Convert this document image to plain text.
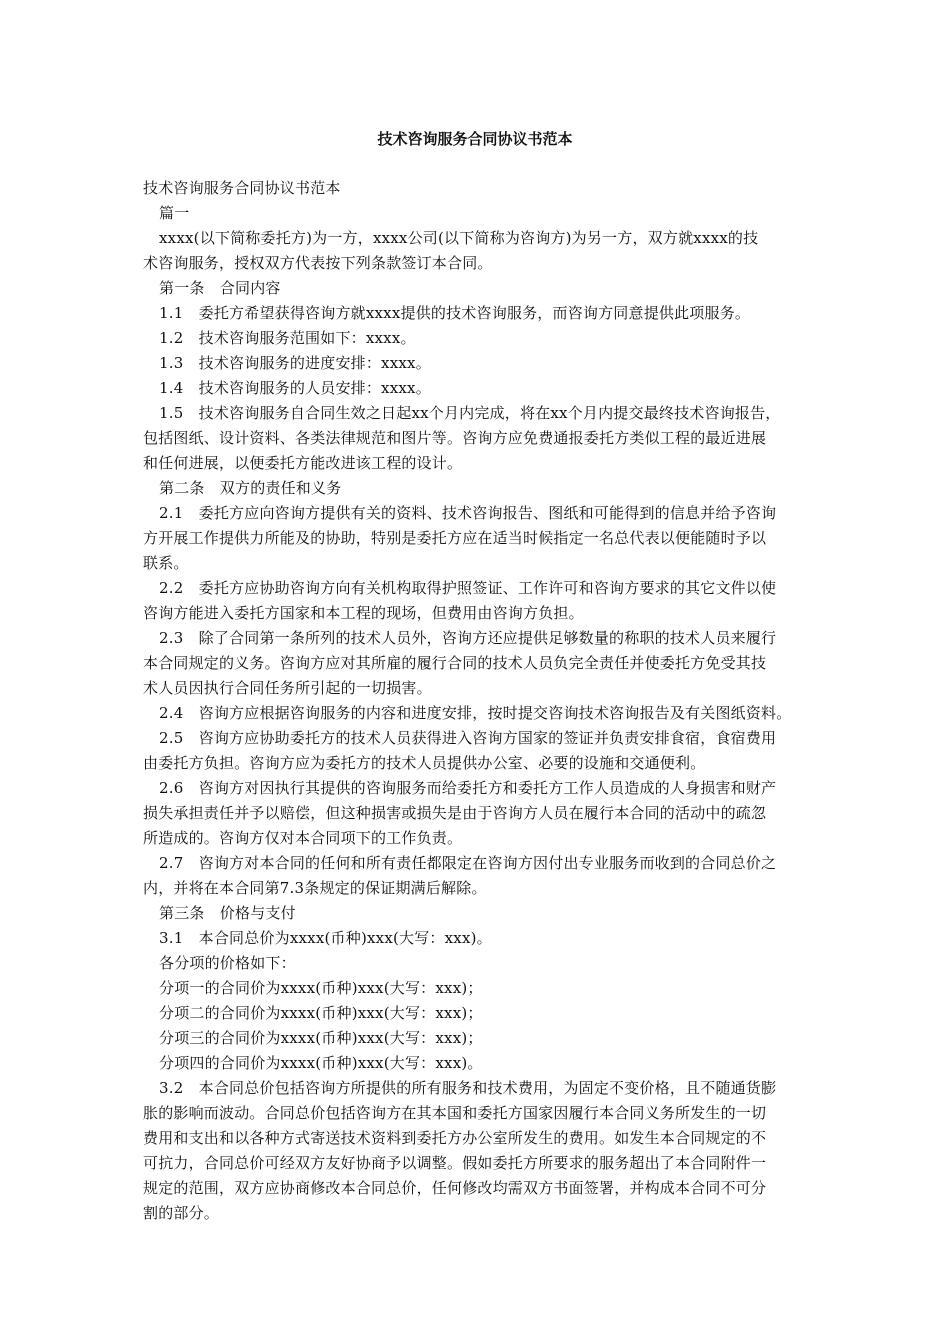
技术咨询服务合同协议书范本

技术咨询服务合同协议书范本

篇一

xxxx(以下简称委托方)为一方，xxxx公司(以下简称为咨询方)为另一方，双方就xxxx的技

术咨询服务，授权双方代表按下列条款签订本合同。

第一条　合同内容

1.1　委托方希望获得咨询方就xxxx提供的技术咨询服务，而咨询方同意提供此项服务。

1.2　技术咨询服务范围如下：xxxx。

1.3　技术咨询服务的进度安排：xxxx。

1.4　技术咨询服务的人员安排：xxxx。

1.5　技术咨询服务自合同生效之日起xx个月内完成，将在xx个月内提交最终技术咨询报告，

包括图纸、设计资料、各类法律规范和图片等。咨询方应免费通报委托方类似工程的最近进展

和任何进展，以便委托方能改进该工程的设计。

第二条　双方的责任和义务

2.1　委托方应向咨询方提供有关的资料、技术咨询报告、图纸和可能得到的信息并给予咨询

方开展工作提供力所能及的协助，特别是委托方应在适当时候指定一名总代表以便能随时予以

联系。

2.2　委托方应协助咨询方向有关机构取得护照签证、工作许可和咨询方要求的其它文件以使

咨询方能进入委托方国家和本工程的现场，但费用由咨询方负担。

2.3　除了合同第一条所列的技术人员外，咨询方还应提供足够数量的称职的技术人员来履行

本合同规定的义务。咨询方应对其所雇的履行合同的技术人员负完全责任并使委托方免受其技

术人员因执行合同任务所引起的一切损害。

2.4　咨询方应根据咨询服务的内容和进度安排，按时提交咨询技术咨询报告及有关图纸资料。

2.5　咨询方应协助委托方的技术人员获得进入咨询方国家的签证并负责安排食宿，食宿费用

由委托方负担。咨询方应为委托方的技术人员提供办公室、必要的设施和交通便利。

2.6　咨询方对因执行其提供的咨询服务而给委托方和委托方工作人员造成的人身损害和财产

损失承担责任并予以赔偿，但这种损害或损失是由于咨询方人员在履行本合同的活动中的疏忽

所造成的。咨询方仅对本合同项下的工作负责。

2.7　咨询方对本合同的任何和所有责任都限定在咨询方因付出专业服务而收到的合同总价之

内，并将在本合同第7.3条规定的保证期满后解除。

第三条　价格与支付

3.1　本合同总价为xxxx(币种)xxx(大写：xxx)。

各分项的价格如下：

分项一的合同价为xxxx(币种)xxx(大写：xxx)；

分项二的合同价为xxxx(币种)xxx(大写：xxx)；

分项三的合同价为xxxx(币种)xxx(大写：xxx)；

分项四的合同价为xxxx(币种)xxx(大写：xxx)。

3.2　本合同总价包括咨询方所提供的所有服务和技术费用，为固定不变价格，且不随通货膨

胀的影响而波动。合同总价包括咨询方在其本国和委托方国家因履行本合同义务所发生的一切

费用和支出和以各种方式寄送技术资料到委托方办公室所发生的费用。如发生本合同规定的不

可抗力，合同总价可经双方友好协商予以调整。假如委托方所要求的服务超出了本合同附件一

规定的范围，双方应协商修改本合同总价，任何修改均需双方书面签署，并构成本合同不可分

割的部分。
